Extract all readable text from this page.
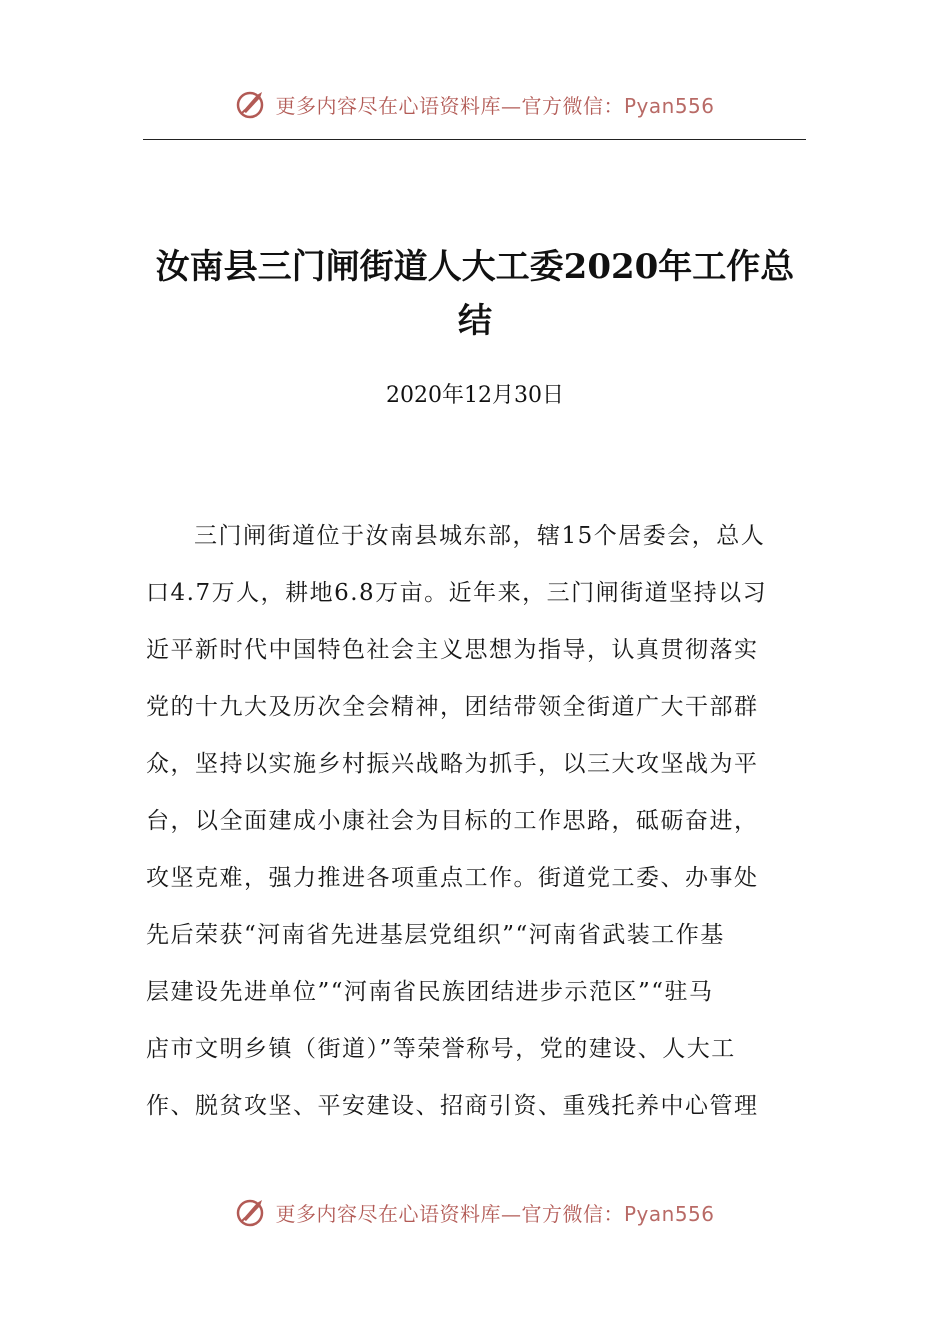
更多内容尽在心语资料库—官方微信：Pyan556
汝南县三门闸街道人大工委2020年工作总
结
2020年12月30日
三门闸街道位于汝南县城东部，辖15个居委会，总人
口4.7万人，耕地6.8万亩。近年来，三门闸街道坚持以习
近平新时代中国特色社会主义思想为指导，认真贯彻落实
党的十九大及历次全会精神，团结带领全街道广大干部群
众，坚持以实施乡村振兴战略为抓手，以三大攻坚战为平
台，以全面建成小康社会为目标的工作思路，砥砺奋进，
攻坚克难，强力推进各项重点工作。街道党工委、办事处
先后荣获“河南省先进基层党组织”“河南省武装工作基
层建设先进单位”“河南省民族团结进步示范区”“驻马
店市文明乡镇（街道）”等荣誉称号，党的建设、人大工
作、脱贫攻坚、平安建设、招商引资、重残托养中心管理
更多内容尽在心语资料库—官方微信：Pyan556
